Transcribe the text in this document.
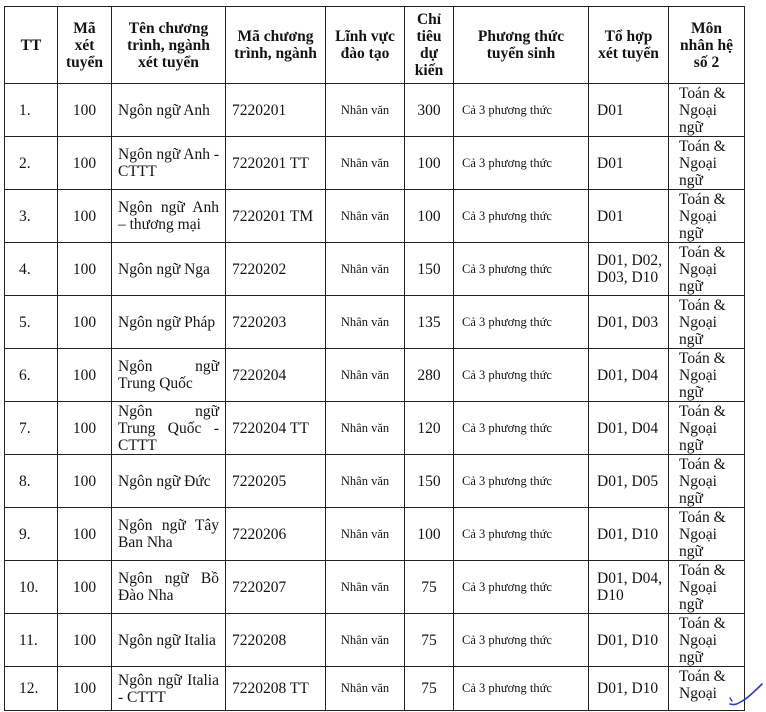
TT	Mã xét tuyển	Tên chương trình, ngành xét tuyển	Mã chương trình, ngành	Lĩnh vực đào tạo	Chỉ tiêu dự kiến	Phương thức tuyển sinh	Tổ hợp xét tuyển	Môn nhân hệ số 2
1.	100	Ngôn ngữ Anh	7220201	Nhân văn	300	Cả 3 phương thức	D01	Toán & Ngoại ngữ
2.	100	Ngôn ngữ Anh - CTTT	7220201 TT	Nhân văn	100	Cả 3 phương thức	D01	Toán & Ngoại ngữ
3.	100	Ngôn ngữ Anh – thương mại	7220201 TM	Nhân văn	100	Cả 3 phương thức	D01	Toán & Ngoại ngữ
4.	100	Ngôn ngữ Nga	7220202	Nhân văn	150	Cả 3 phương thức	D01, D02, D03, D10	Toán & Ngoại ngữ
5.	100	Ngôn ngữ Pháp	7220203	Nhân văn	135	Cả 3 phương thức	D01, D03	Toán & Ngoại ngữ
6.	100	Ngôn ngữ Trung Quốc	7220204	Nhân văn	280	Cả 3 phương thức	D01, D04	Toán & Ngoại ngữ
7.	100	Ngôn ngữ Trung Quốc - CTTT	7220204 TT	Nhân văn	120	Cả 3 phương thức	D01, D04	Toán & Ngoại ngữ
8.	100	Ngôn ngữ Đức	7220205	Nhân văn	150	Cả 3 phương thức	D01, D05	Toán & Ngoại ngữ
9.	100	Ngôn ngữ Tây Ban Nha	7220206	Nhân văn	100	Cả 3 phương thức	D01, D10	Toán & Ngoại ngữ
10.	100	Ngôn ngữ Bồ Đào Nha	7220207	Nhân văn	75	Cả 3 phương thức	D01, D04, D10	Toán & Ngoại ngữ
11.	100	Ngôn ngữ Italia	7220208	Nhân văn	75	Cả 3 phương thức	D01, D10	Toán & Ngoại ngữ
12.	100	Ngôn ngữ Italia - CTTT	7220208 TT	Nhân văn	75	Cả 3 phương thức	D01, D10	Toán & Ngoại
